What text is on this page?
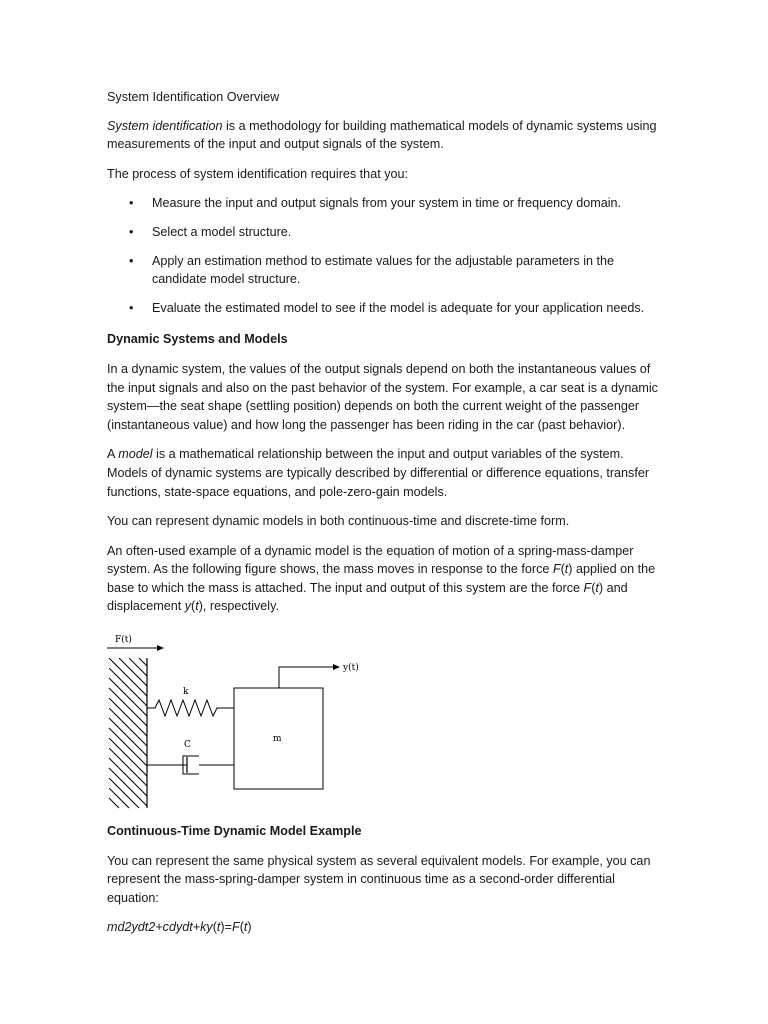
System Identification Overview

System identification is a methodology for building mathematical models of dynamic systems using measurements of the input and output signals of the system.

The process of system identification requires that you:

• Measure the input and output signals from your system in time or frequency domain.
• Select a model structure.
• Apply an estimation method to estimate values for the adjustable parameters in the candidate model structure.
• Evaluate the estimated model to see if the model is adequate for your application needs.

Dynamic Systems and Models

In a dynamic system, the values of the output signals depend on both the instantaneous values of the input signals and also on the past behavior of the system. For example, a car seat is a dynamic system—the seat shape (settling position) depends on both the current weight of the passenger (instantaneous value) and how long the passenger has been riding in the car (past behavior).

A model is a mathematical relationship between the input and output variables of the system. Models of dynamic systems are typically described by differential or difference equations, transfer functions, state-space equations, and pole-zero-gain models.

You can represent dynamic models in both continuous-time and discrete-time form.

An often-used example of a dynamic model is the equation of motion of a spring-mass-damper system. As the following figure shows, the mass moves in response to the force F(t) applied on the base to which the mass is attached. The input and output of this system are the force F(t) and displacement y(t), respectively.

F(t)
k
C
m
y(t)

Continuous-Time Dynamic Model Example

You can represent the same physical system as several equivalent models. For example, you can represent the mass-spring-damper system in continuous time as a second-order differential equation:

md2ydt2+cdydt+ky(t)=F(t)
